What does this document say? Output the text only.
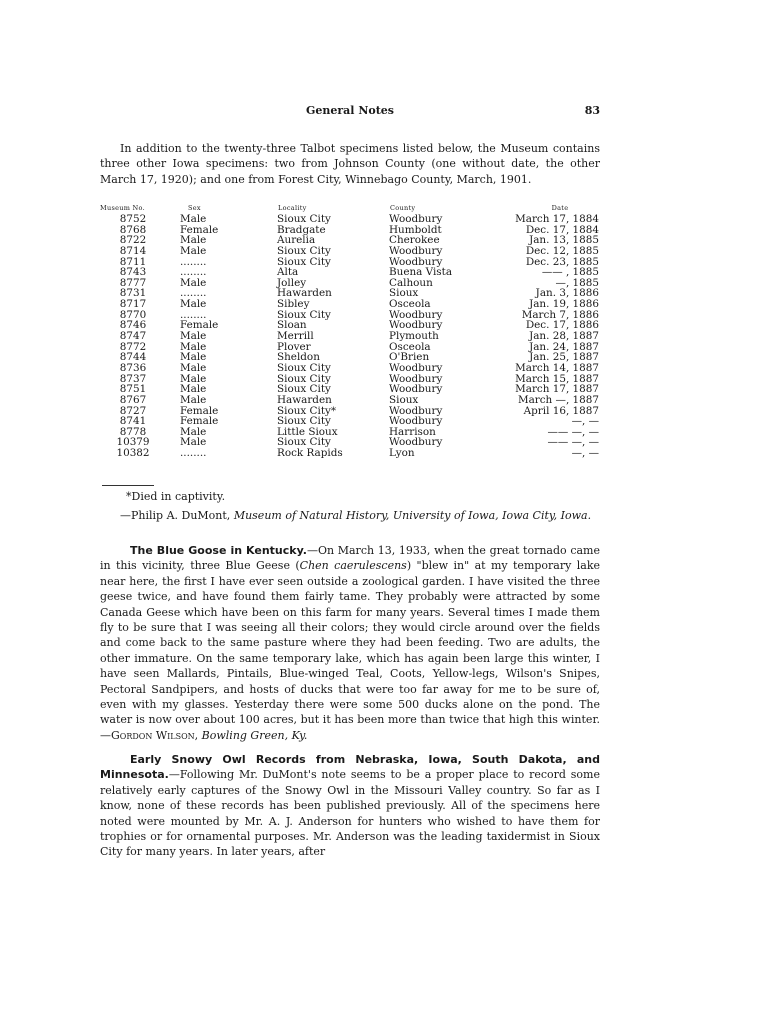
General Notes	83
In addition to the twenty-three Talbot specimens listed below, the Museum contains three other Iowa specimens: two from Johnson County (one without date, the other March 17, 1920); and one from Forest City, Winnebago County, March, 1901.
Museum No.	Sex	Locality	County	Date
8752	Male	Sioux City	Woodbury	March 17, 1884
8768	Female	Bradgate	Humboldt	Dec. 17, 1884
8722	Male	Aurelia	Cherokee	Jan. 13, 1885
8714	Male	Sioux City	Woodbury	Dec. 12, 1885
8711	........	Sioux City	Woodbury	Dec. 23, 1885
8743	........	Alta	Buena Vista	—— , 1885
8777	Male	Jolley	Calhoun	—, 1885
8731	........	Hawarden	Sioux	Jan. 3, 1886
8717	Male	Sibley	Osceola	Jan. 19, 1886
8770	........	Sioux City	Woodbury	March 7, 1886
8746	Female	Sloan	Woodbury	Dec. 17, 1886
8747	Male	Merrill	Plymouth	Jan. 28, 1887
8772	Male	Plover	Osceola	Jan. 24, 1887
8744	Male	Sheldon	O'Brien	Jan. 25, 1887
8736	Male	Sioux City	Woodbury	March 14, 1887
8737	Male	Sioux City	Woodbury	March 15, 1887
8751	Male	Sioux City	Woodbury	March 17, 1887
8767	Male	Hawarden	Sioux	March —, 1887
8727	Female	Sioux City*	Woodbury	April 16, 1887
8741	Female	Sioux City	Woodbury	—, —
8778	Male	Little Sioux	Harrison	—— —, —
10379	Male	Sioux City	Woodbury	—— —, —
10382	........	Rock Rapids	Lyon	—, —
*Died in captivity.
—Philip A. DuMont, Museum of Natural History, University of Iowa, Iowa City, Iowa.

The Blue Goose in Kentucky.—On March 13, 1933, when the great tornado came in this vicinity, three Blue Geese (Chen caerulescens) "blew in" at my temporary lake near here, the first I have ever seen outside a zoological garden. I have visited the three geese twice, and have found them fairly tame. They probably were attracted by some Canada Geese which have been on this farm for many years. Several times I made them fly to be sure that I was seeing all their colors; they would circle around over the fields and come back to the same pasture where they had been feeding. Two are adults, the other immature. On the same temporary lake, which has again been large this winter, I have seen Mallards, Pintails, Blue-winged Teal, Coots, Yellow-legs, Wilson's Snipes, Pectoral Sandpipers, and hosts of ducks that were too far away for me to be sure of, even with my glasses. Yesterday there were some 500 ducks alone on the pond. The water is now over about 100 acres, but it has been more than twice that high this winter.—Gordon Wilson, Bowling Green, Ky.

Early Snowy Owl Records from Nebraska, Iowa, South Dakota, and Minnesota.—Following Mr. DuMont's note seems to be a proper place to record some relatively early captures of the Snowy Owl in the Missouri Valley country. So far as I know, none of these records has been published previously. All of the specimens here noted were mounted by Mr. A. J. Anderson for hunters who wished to have them for trophies or for ornamental purposes. Mr. Anderson was the leading taxidermist in Sioux City for many years. In later years, after
